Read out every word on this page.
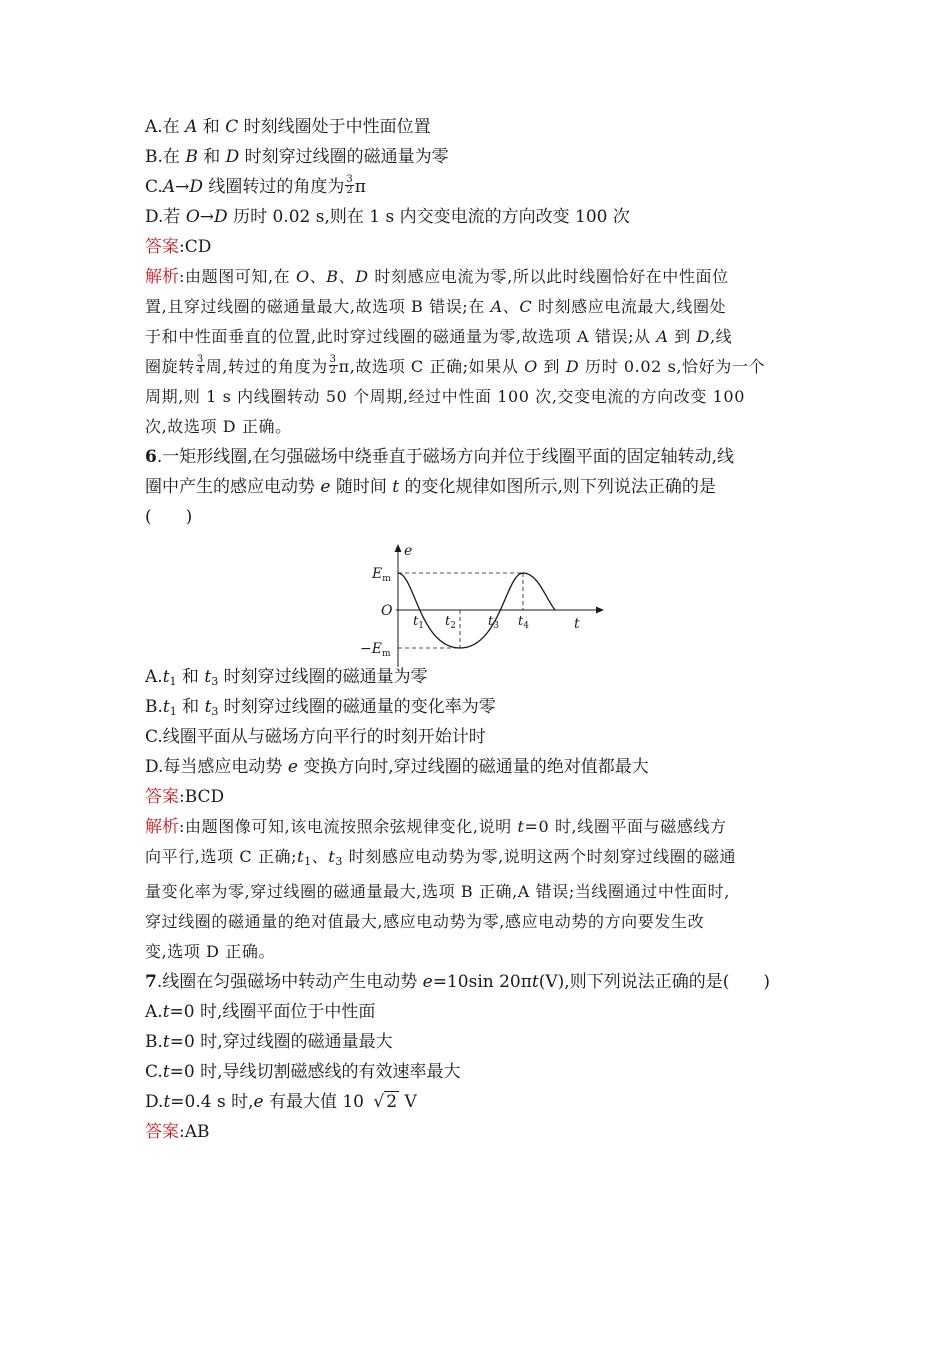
A.在 A 和 C 时刻线圈处于中性面位置
B.在 B 和 D 时刻穿过线圈的磁通量为零
C.A→D 线圈转过的角度为 $\frac{3}{2}$ π
D.若 O→D 历时 0.02 s,则在 1 s 内交变电流的方向改变 100 次
答案:CD
解析:由题图可知,在 O、B、D 时刻感应电流为零,所以此时线圈恰好在中性面位
置,且穿过线圈的磁通量最大,故选项 B 错误;在 A、C 时刻感应电流最大,线圈处
于和中性面垂直的位置,此时穿过线圈的磁通量为零,故选项 A 错误;从 A 到 D,线
圈旋转 $\frac{3}{4}$ 周,转过的角度为 $\frac{3}{2} \pi$,故选项 C 正确;如果从 O 到 D 历时 0.02 s,恰好为一个
周期,则 1 s 内线圈转动 50 个周期,经过中性面 100 次,交变电流的方向改变 100
次,故选项 D 正确。
6.一矩形线圈,在匀强磁场中绕垂直于磁场方向并位于线圈平面的固定轴转动,线
圈中产生的感应电动势 e 随时间 t 的变化规律如图所示,则下列说法正确的是
(　　)
$A.t_1$ 和 $t_3$ 时刻穿过线圈的磁通量为零
$B.t_1$ 和 $t_3$ 时刻穿过线圈的磁通量的变化率为零
C.线圈平面从与磁场方向平行的时刻开始计时
D.每当感应电动势 e 变换方向时,穿过线圈的磁通量的绝对值都最大
答案:BCD
解析:由题图像可知,该电流按照余弦规律变化,说明 t=0 时,线圈平面与磁感线方
向平行,选项 C 正确$;t_1$、$t_3$ 时刻感应电动势为零,说明这两个时刻穿过线圈的磁通
量变化率为零,穿过线圈的磁通量最大,选项 B 正确,A 错误;当线圈通过中性面时,
穿过线圈的磁通量的绝对值最大,感应电动势为零,感应电动势的方向要发生改
变,选项 D 正确。
7.线圈在匀强磁场中转动产生电动势 e=10sin 20πt(V),则下列说法正确的是(　　)
A.t=0 时,线圈平面位于中性面
B.t=0 时,穿过线圈的磁通量最大
C.t=0 时,导线切割磁感线的有效速率最大
D.t=0.4 s 时,e 有最大值 10 √ 2 V
答案:AB
e
t
O
$E_m$
$-E_m$
$t_1$ $t_2$ $t_3$ $t_4$
